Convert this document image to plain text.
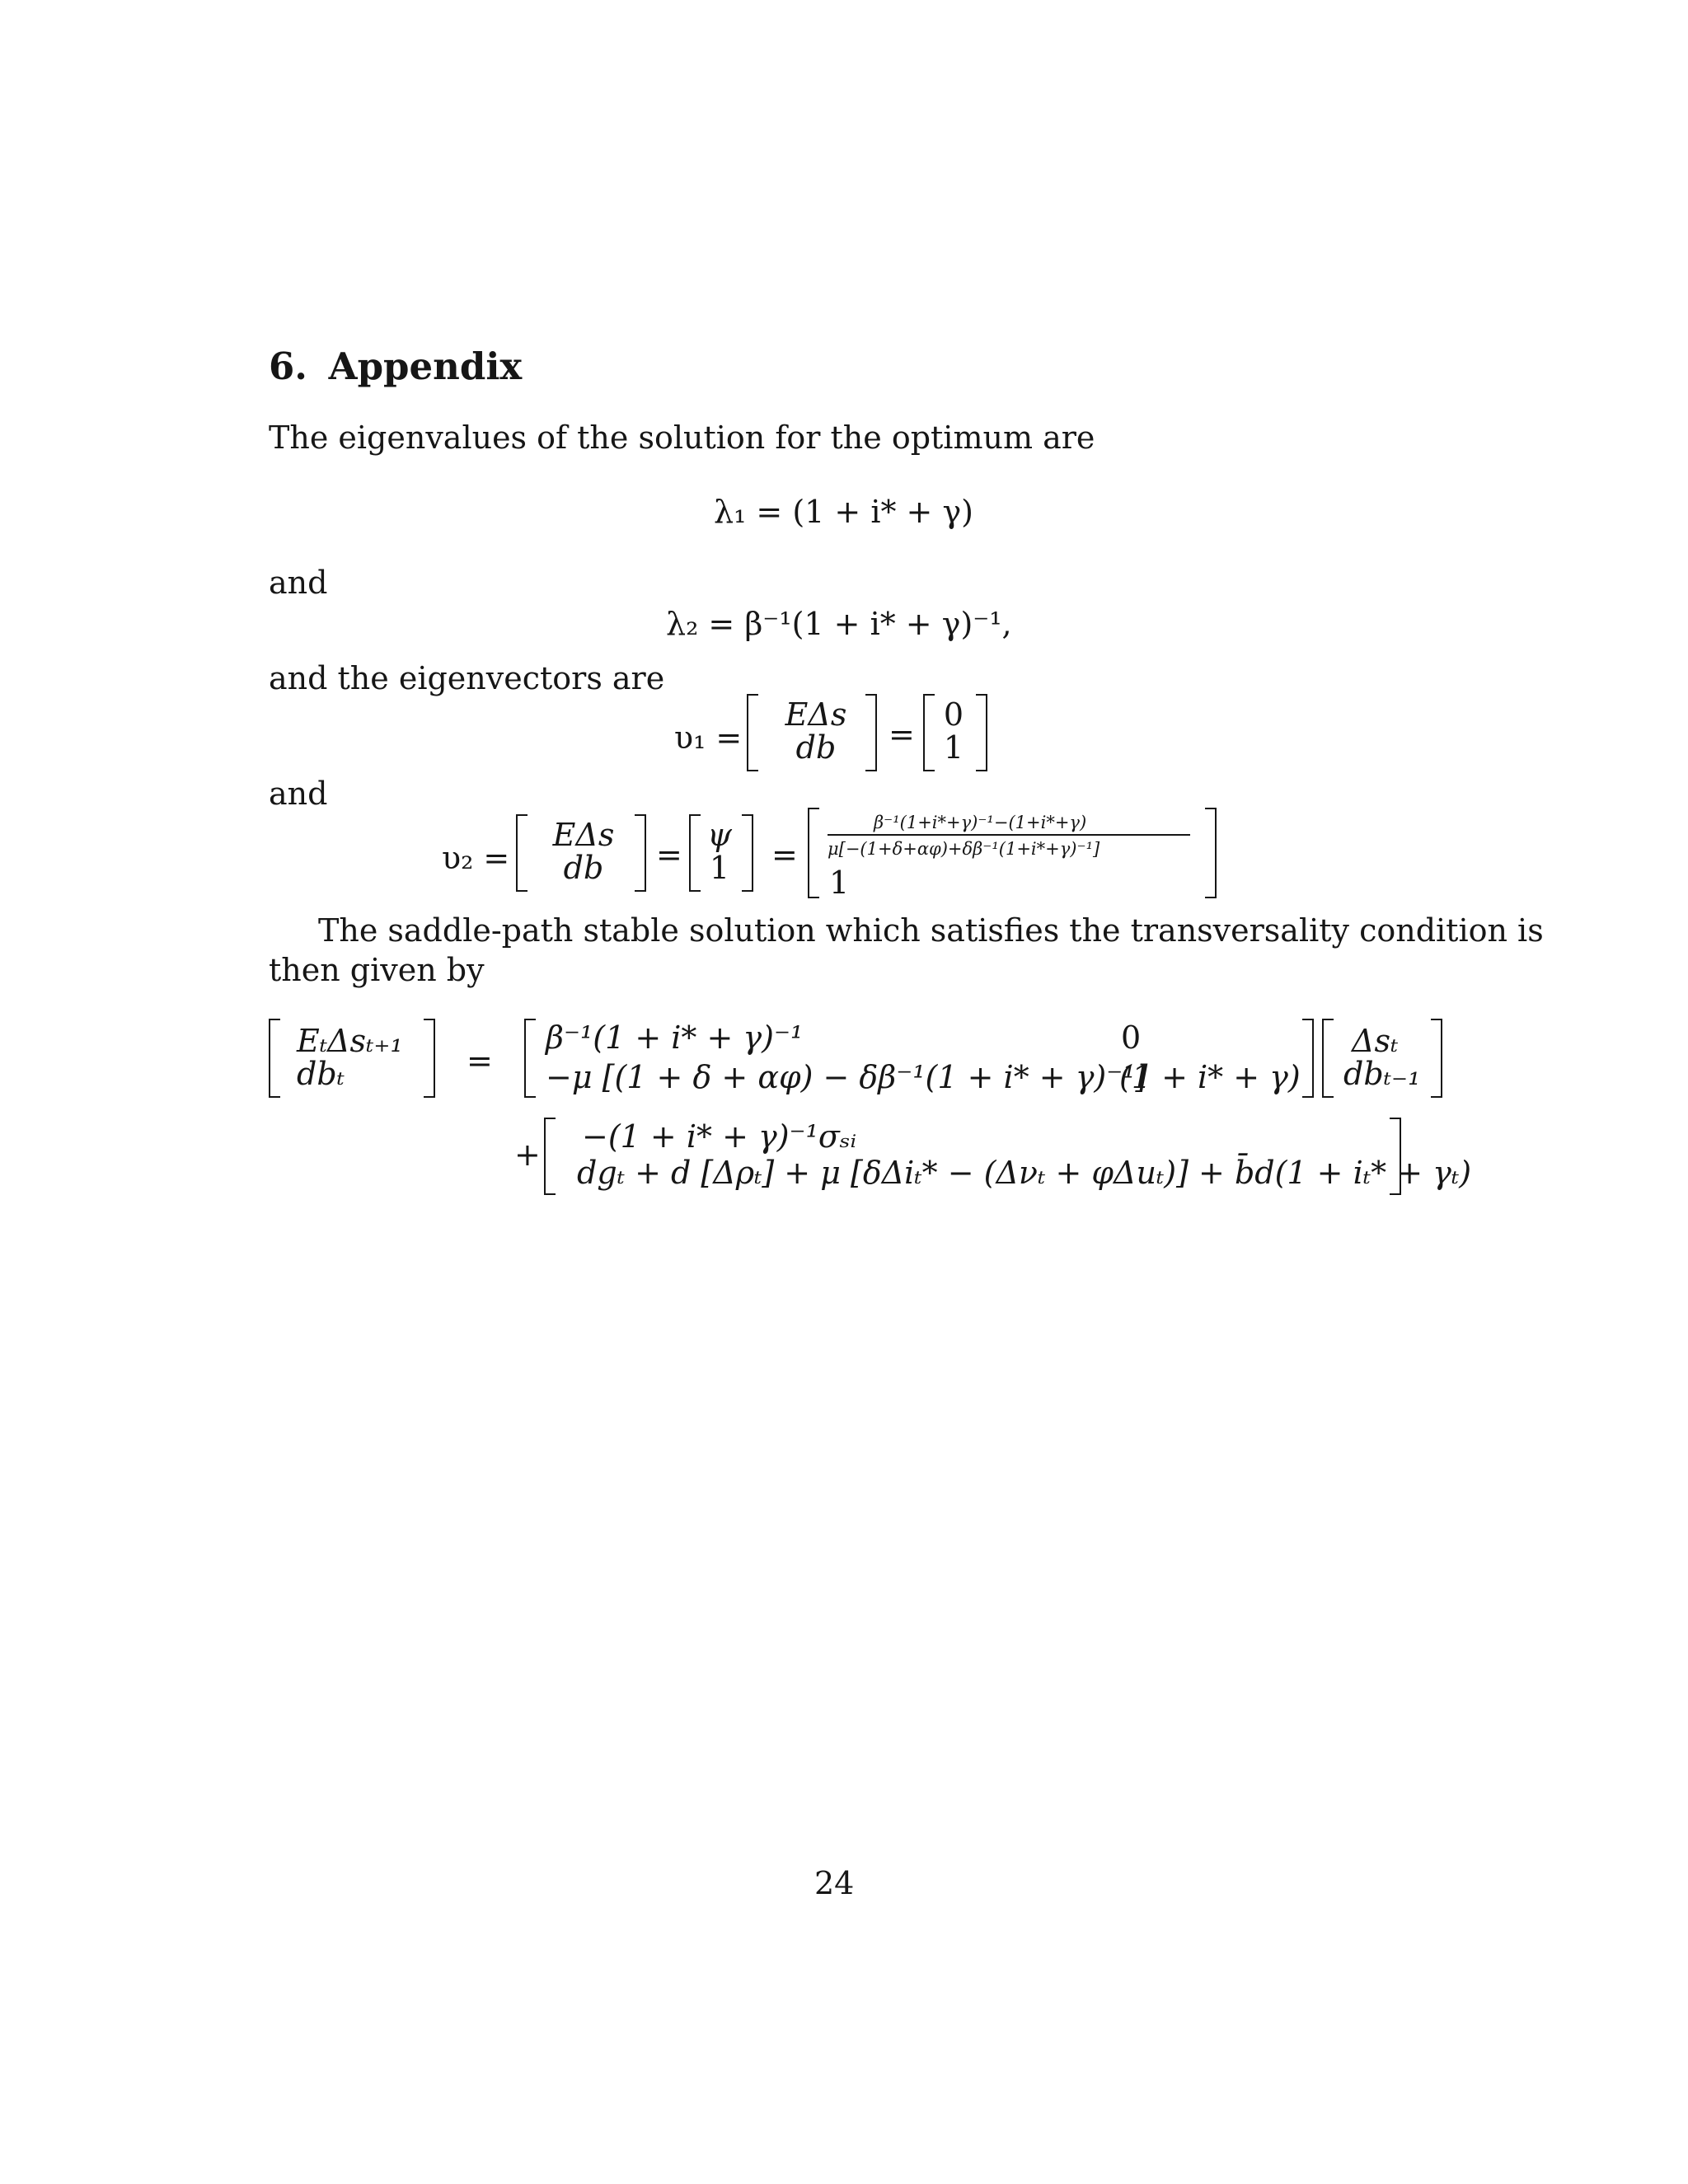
6. Appendix
The eigenvalues of the solution for the optimum are
λ₁ = (1 + i* + γ)
and
λ₂ = β⁻¹(1 + i* + γ)⁻¹,
and the eigenvectors are
υ₁ =
EΔs
db	=
0
1
and
υ₂ =
EΔs
db	=
ψ
1	=
β⁻¹(1+i*+γ)⁻¹−(1+i*+γ)
μ[−(1+δ+αφ)+δβ⁻¹(1+i*+γ)⁻¹]
1
The saddle-path stable solution which satisfies the transversality condition is
then given by
EₜΔsₜ₊₁
dbₜ	=
β⁻¹(1 + i* + γ)⁻¹	0
−μ [(1 + δ + αφ) − δβ⁻¹(1 + i* + γ)⁻¹]
(1 + i* + γ)
Δsₜ
dbₜ₋₁
+ −(1 + i* + γ)⁻¹σₛᵢ
dgₜ + d [Δρₜ] + μ [δΔiₜ* − (Δνₜ + φΔuₜ)] + b̄d(1 + iₜ* + γₜ)
24
